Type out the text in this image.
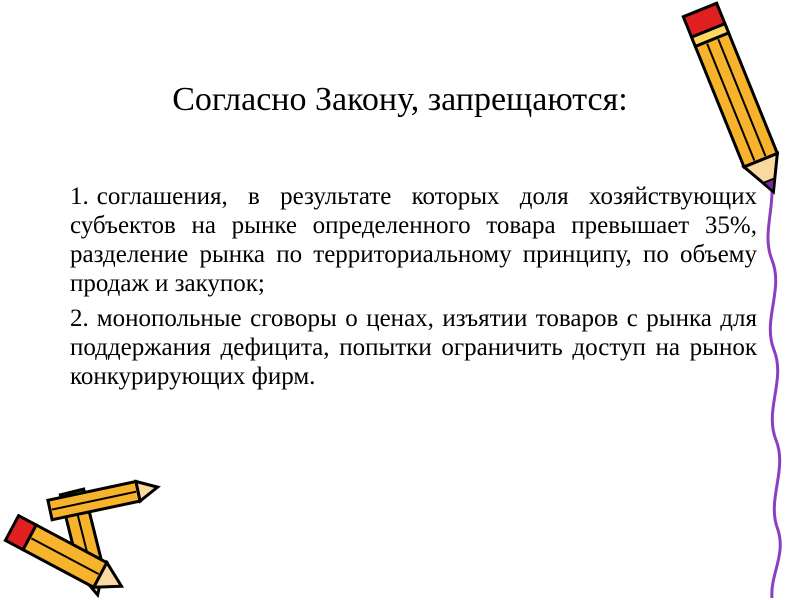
Согласно Закону, запрещаются:

1. соглашения, в результате которых доля хозяйствующих субъектов на рынке определенного товара превышает 35%, разделение рынка по территориальному принципу, по объему продаж и закупок;

2. монопольные сговоры о ценах, изъятии товаров с рынка для поддержания дефицита, попытки ограничить доступ на рынок конкурирующих фирм.
